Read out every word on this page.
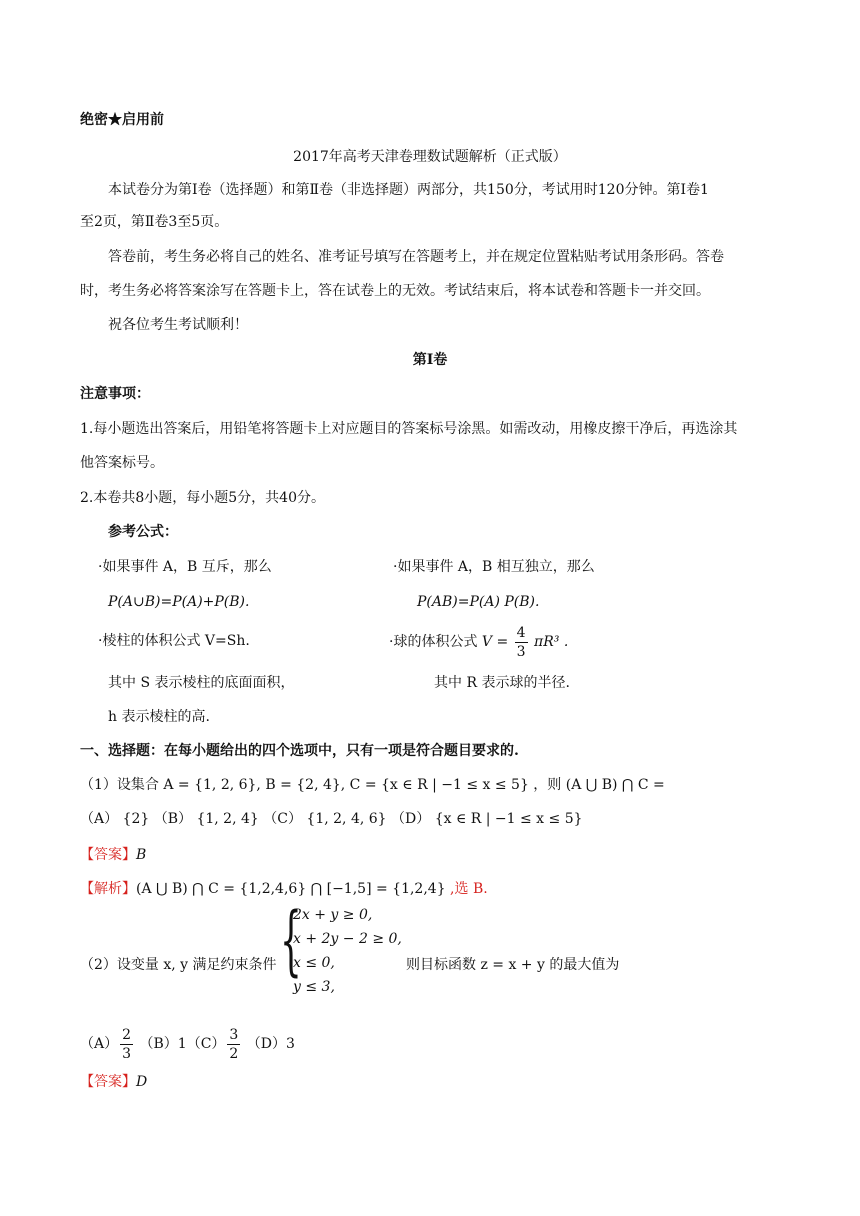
绝密★启用前
2017年高考天津卷理数试题解析（正式版）
本试卷分为第Ⅰ卷（选择题）和第Ⅱ卷（非选择题）两部分，共150分，考试用时120分钟。第Ⅰ卷1
至2页，第Ⅱ卷3至5页。
答卷前，考生务必将自己的姓名、准考证号填写在答题考上，并在规定位置粘贴考试用条形码。答卷
时，考生务必将答案涂写在答题卡上，答在试卷上的无效。考试结束后，将本试卷和答题卡一并交回。
祝各位考生考试顺利！
第Ⅰ卷
注意事项：
1.每小题选出答案后，用铅笔将答题卡上对应题目的答案标号涂黑。如需改动，用橡皮擦干净后，再选涂其
他答案标号。
2.本卷共8小题，每小题5分，共40分。
参考公式：
·如果事件 A，B 互斥，那么
P(A∪B)=P(A)+P(B).
·棱柱的体积公式 V=Sh.
其中 S 表示棱柱的底面面积，
h 表示棱柱的高.
·如果事件 A，B 相互独立，那么
P(AB)=P(A) P(B).
·球的体积公式 $V = \frac{4}{3} \pi R^3$ .
其中 R 表示球的半径.
一、选择题：在每小题给出的四个选项中，只有一项是符合题目要求的.
（1）设集合 A = {1, 2, 6}, B = {2, 4}, C = {x ∈ R | −1 ≤ x ≤ 5} ，则 (A ⋃ B) ⋂ C =
（A） {2} （B） {1, 2, 4} （C） {1, 2, 4, 6} （D） {x ∈ R | −1 ≤ x ≤ 5}
【答案】B
【解析】(A ⋃ B) ⋂ C = {1,2,4,6} ⋂ [−1,5] = {1,2,4} ,选 B.
（2）设变量 x, y 满足约束条件 {
2x + y ≥ 0,
x + 2y − 2 ≥ 0,
x ≤ 0,
y ≤ 3,
则目标函数 z = x + y 的最大值为
$(A) \frac{2}{3} (B)1(C) \frac{3}{2} (D)3$
【答案】D
